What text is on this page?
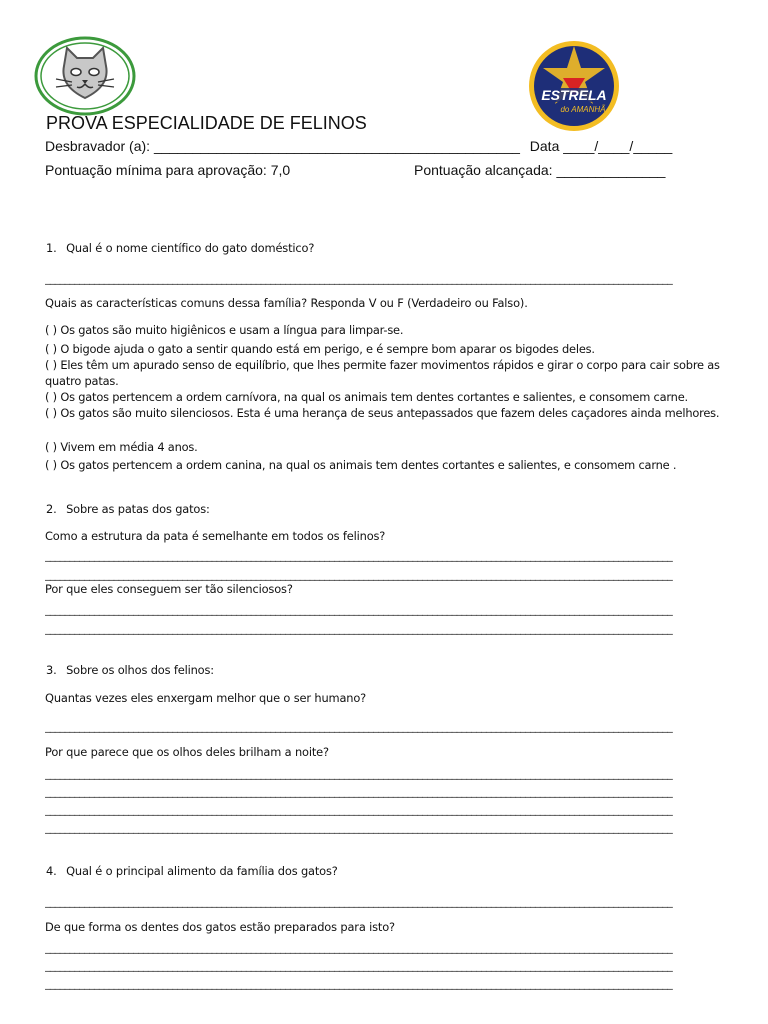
ESTRELA
do AMANHÃ
PROVA ESPECIALIDADE DE FELINOS
Desbravador (a): _______________________________________________ Data ____/____/_____
Pontuação mínima para aprovação: 7,0	Pontuação alcançada: ______________
1. Qual é o nome científico do gato doméstico?
________________________________________________________________________________________________________________________________
Quais as características comuns dessa família? Responda V ou F (Verdadeiro ou Falso).
( ) Os gatos são muito higiênicos e usam a língua para limpar-se.
( ) O bigode ajuda o gato a sentir quando está em perigo, e é sempre bom aparar os bigodes deles.
( ) Eles têm um apurado senso de equilíbrio, que lhes permite fazer movimentos rápidos e girar o corpo para cair sobre as quatro patas.
( ) Os gatos pertencem a ordem carnívora, na qual os animais tem dentes cortantes e salientes, e consomem carne.
( ) Os gatos são muito silenciosos. Esta é uma herança de seus antepassados que fazem deles caçadores ainda melhores.
( ) Vivem em média 4 anos.
( ) Os gatos pertencem a ordem canina, na qual os animais tem dentes cortantes e salientes, e consomem carne .
2. Sobre as patas dos gatos:
Como a estrutura da pata é semelhante em todos os felinos?
________________________________________________________________________________________________________________________________
________________________________________________________________________________________________________________________________
Por que eles conseguem ser tão silenciosos?
________________________________________________________________________________________________________________________________
________________________________________________________________________________________________________________________________
3. Sobre os olhos dos felinos:
Quantas vezes eles enxergam melhor que o ser humano?
________________________________________________________________________________________________________________________________
Por que parece que os olhos deles brilham a noite?
________________________________________________________________________________________________________________________________
________________________________________________________________________________________________________________________________
________________________________________________________________________________________________________________________________
________________________________________________________________________________________________________________________________
4. Qual é o principal alimento da família dos gatos?
________________________________________________________________________________________________________________________________
De que forma os dentes dos gatos estão preparados para isto?
________________________________________________________________________________________________________________________________
________________________________________________________________________________________________________________________________
________________________________________________________________________________________________________________________________
